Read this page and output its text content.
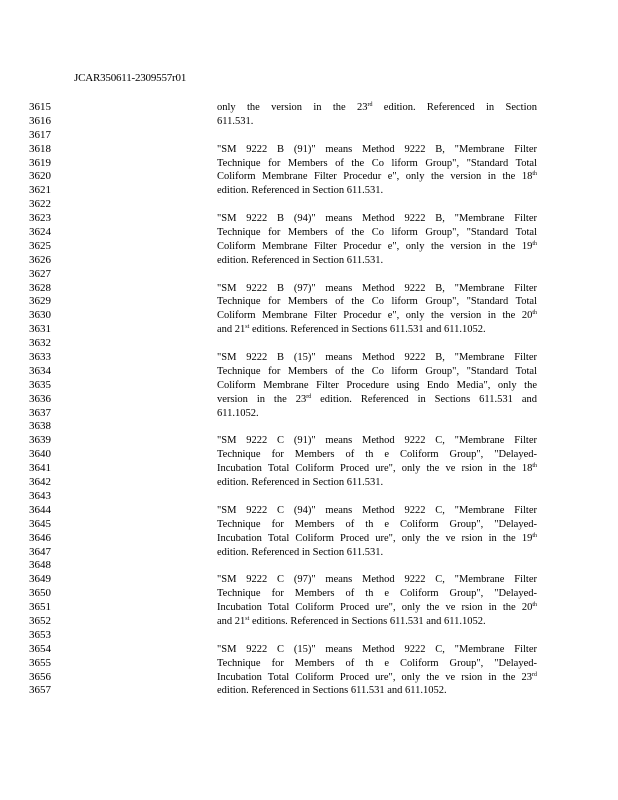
JCAR350611-2309557r01
3615	only the version in the 23rd edition. Referenced in Section
3616	611.531.
3617
3618	"SM 9222 B (91)" means Method 9222 B, "Membrane Filter
3619	Technique for Members of the Co liform Group", "Standard Total
3620	Coliform Membrane Filter Procedur e", only the version in the 18th
3621	edition. Referenced in Section 611.531.
3622
3623	"SM 9222 B (94)" means Method 9222 B, "Membrane Filter
3624	Technique for Members of the Co liform Group", "Standard Total
3625	Coliform Membrane Filter Procedur e", only the version in the 19th
3626	edition. Referenced in Section 611.531.
3627
3628	"SM 9222 B (97)" means Method 9222 B, "Membrane Filter
3629	Technique for Members of the Co liform Group", "Standard Total
3630	Coliform Membrane Filter Procedur e", only the version in the 20th
3631	and 21st editions. Referenced in Sections 611.531 and 611.1052.
3632
3633	"SM 9222 B (15)" means Method 9222 B, "Membrane Filter
3634	Technique for Members of the Co liform Group", "Standard Total
3635	Coliform Membrane Filter Procedure using Endo Media", only the
3636	version in the 23rd edition. Referenced in Sections 611.531 and
3637	611.1052.
3638
3639	"SM 9222 C (91)" means Method 9222 C, "Membrane Filter
3640	Technique for Members of th e Coliform Group", "Delayed-
3641	Incubation Total Coliform Proced ure", only the ve rsion in the 18th
3642	edition. Referenced in Section 611.531.
3643
3644	"SM 9222 C (94)" means Method 9222 C, "Membrane Filter
3645	Technique for Members of th e Coliform Group", "Delayed-
3646	Incubation Total Coliform Proced ure", only the ve rsion in the 19th
3647	edition. Referenced in Section 611.531.
3648
3649	"SM 9222 C (97)" means Method 9222 C, "Membrane Filter
3650	Technique for Members of th e Coliform Group", "Delayed-
3651	Incubation Total Coliform Proced ure", only the ve rsion in the 20th
3652	and 21st editions. Referenced in Sections 611.531 and 611.1052.
3653
3654	"SM 9222 C (15)" means Method 9222 C, "Membrane Filter
3655	Technique for Members of th e Coliform Group", "Delayed-
3656	Incubation Total Coliform Proced ure", only the ve rsion in the 23rd
3657	edition. Referenced in Sections 611.531 and 611.1052.
